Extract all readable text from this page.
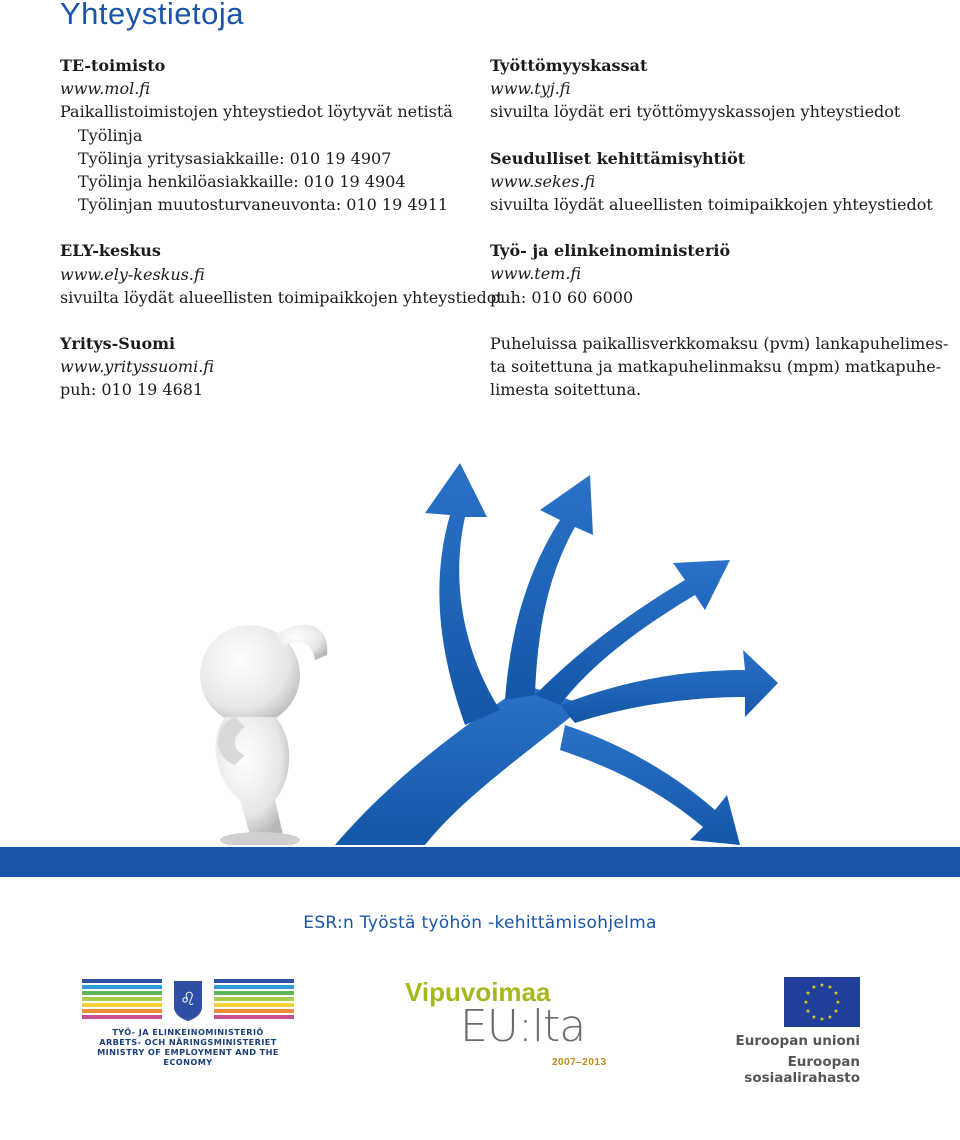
Yhteystietoja
TE-toimisto
www.mol.fi
Paikallistoimistojen yhteystiedot löytyvät netistä
Työlinja
Työlinja yritysasiakkaille: 010 19 4907
Työlinja henkilöasiakkaille: 010 19 4904
Työlinjan muutosturvaneuvonta: 010 19 4911
ELY-keskus
www.ely-keskus.fi
sivuilta löydät alueellisten toimipaikkojen yhteystiedot
Yritys-Suomi
www.yrityssuomi.fi
puh: 010 19 4681
Työttömyyskassat
www.tyj.fi
sivuilta löydät eri työttömyyskassojen yhteystiedot
Seudulliset kehittämisyhtiöt
www.sekes.fi
sivuilta löydät alueellisten toimipaikkojen yhteystiedot
Työ- ja elinkeinoministeriö
www.tem.fi
puh: 010 60 6000
Puheluissa paikallisverkkomaksu (pvm) lankapuhelimes-
ta soitettuna ja matkapuhelinmaksu (mpm) matkapuhe-
limesta soitettuna.
ESR:n Työstä työhön -kehittämisohjelma
♌
TYÖ- JA ELINKEINOMINISTERIÖ
ARBETS- OCH NÄRINGSMINISTERIET
MINISTRY OF EMPLOYMENT AND THE ECONOMY
Vipuvoimaa
EU:lta
2007–2013
★ ★
★
★
★
★
★
★
★
★
★
★
Euroopan unioni
Euroopan sosiaalirahasto
